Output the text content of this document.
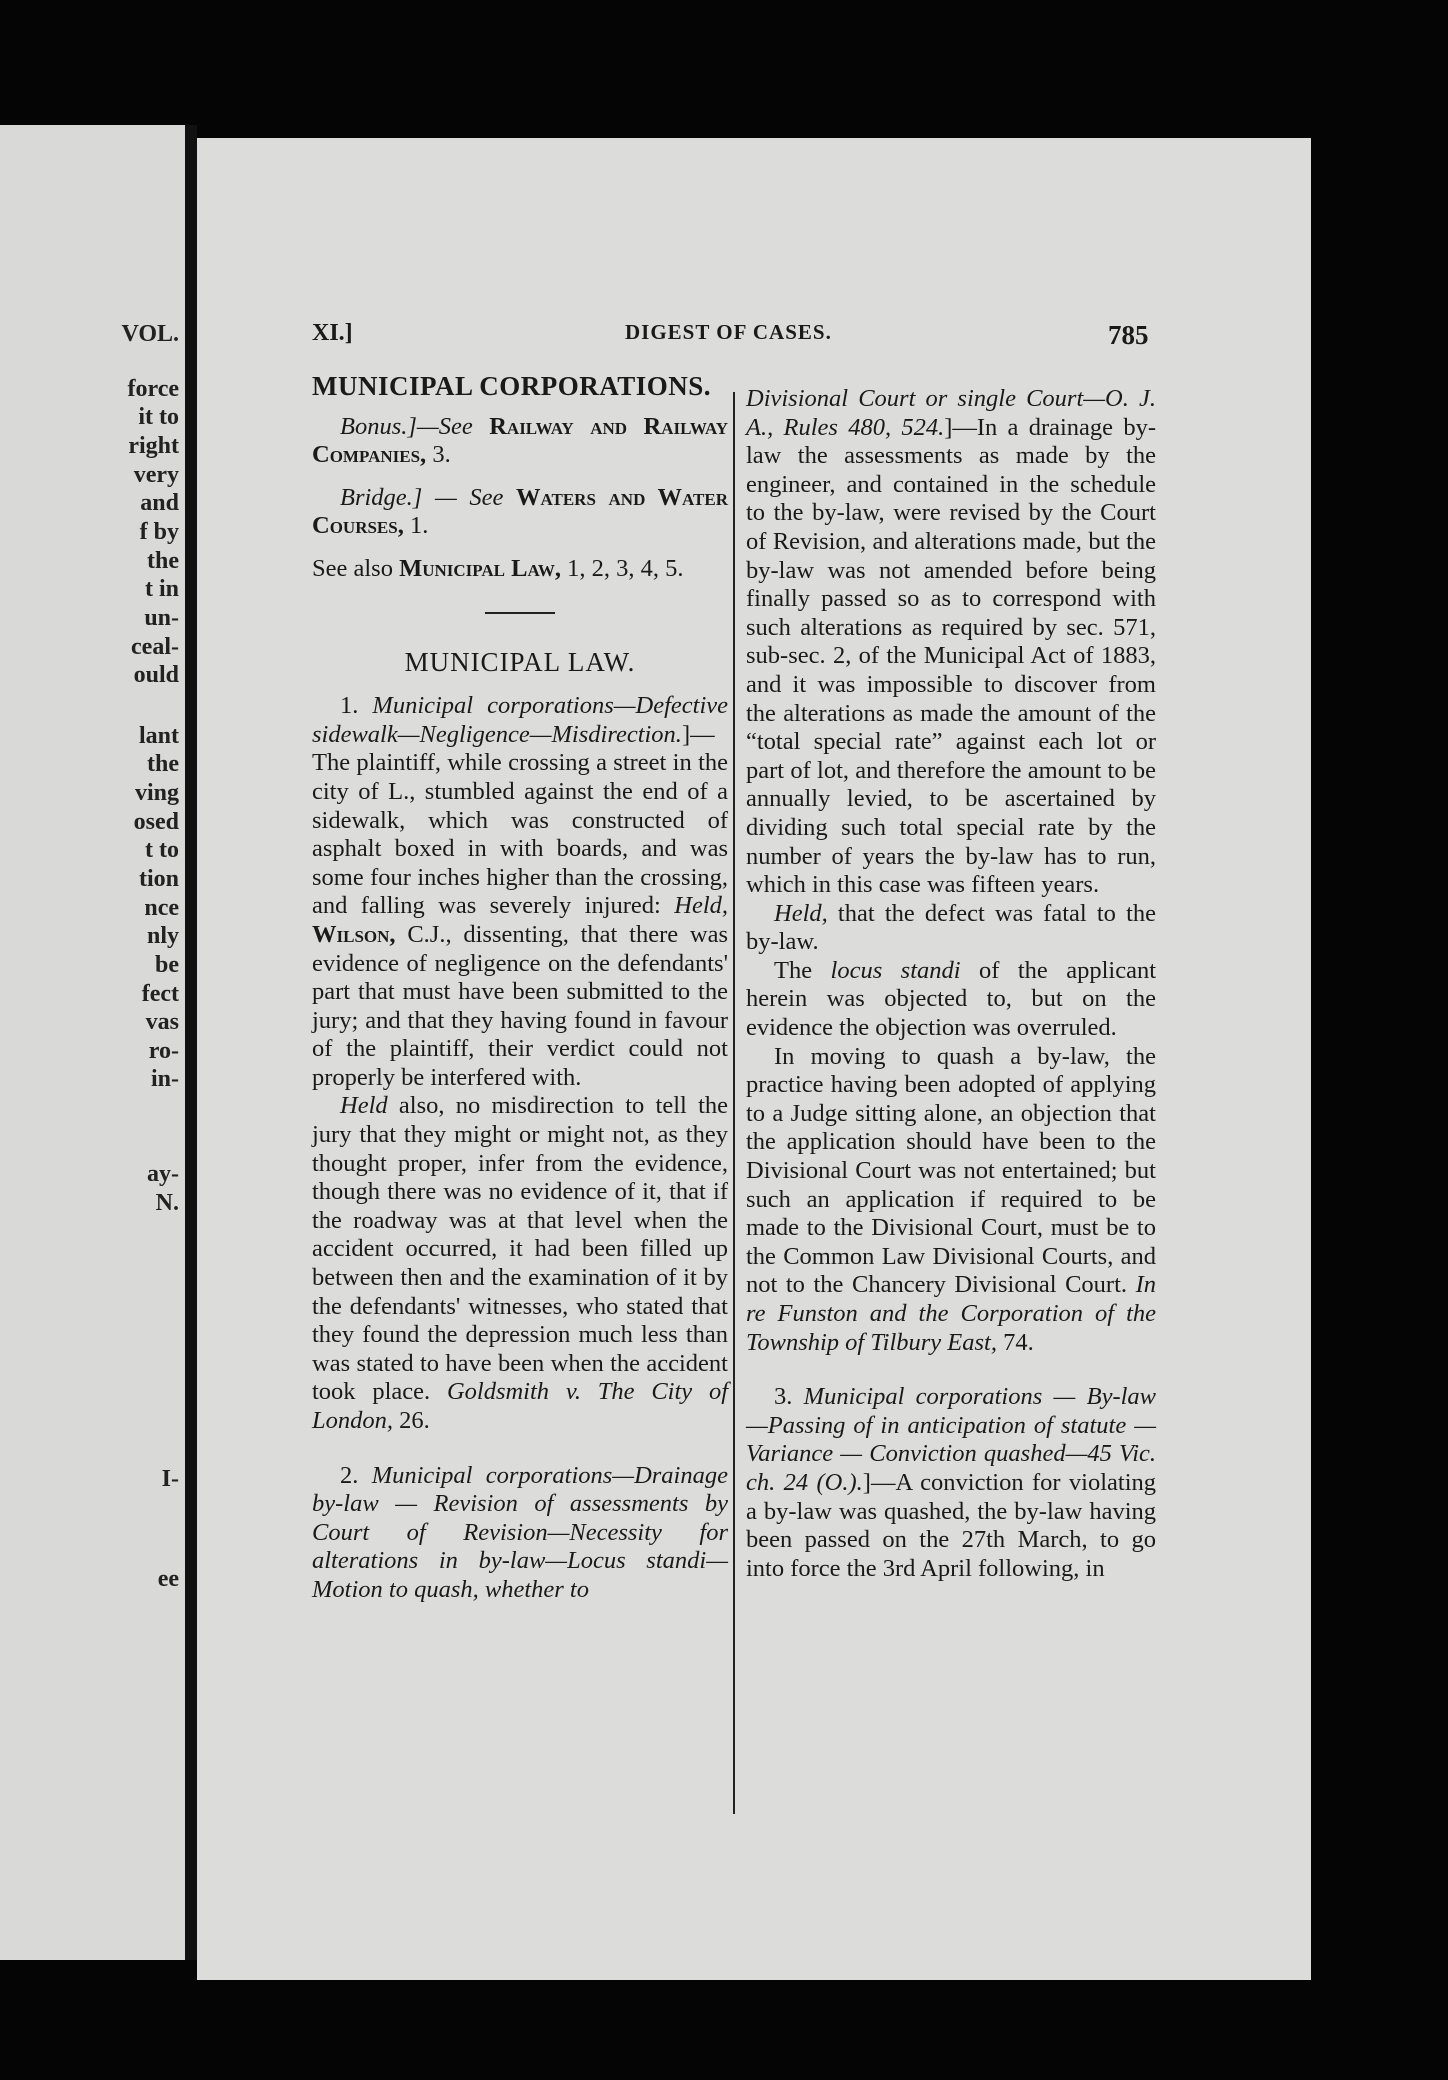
VOL.
force
it to
right
very
and
f by
the
t in
un-
ceal-
ould
lant
the
ving
osed
t to
tion
nce
nly
be
fect
vas
ro-
in-
ay-
N.
I-
ee
XI.]	DIGEST OF CASES.	785

MUNICIPAL CORPORATIONS.

Bonus.]—See Railway and Railway Companies, 3.

Bridge.] — See Waters and Water Courses, 1.

See also Municipal Law, 1, 2, 3, 4, 5.

MUNICIPAL LAW.

1. Municipal corporations—Defective sidewalk—Negligence—Misdirection.]—The plaintiff, while crossing a street in the city of L., stumbled against the end of a sidewalk, which was constructed of asphalt boxed in with boards, and was some four inches higher than the crossing, and falling was severely injured: Held, Wilson, C.J., dissenting, that there was evidence of negligence on the defendants' part that must have been submitted to the jury; and that they having found in favour of the plaintiff, their verdict could not properly be interfered with.

Held also, no misdirection to tell the jury that they might or might not, as they thought proper, infer from the evidence, though there was no evidence of it, that if the roadway was at that level when the accident occurred, it had been filled up between then and the examination of it by the defendants' witnesses, who stated that they found the depression much less than was stated to have been when the accident took place. Goldsmith v. The City of London, 26.

2. Municipal corporations—Drainage by-law — Revision of assessments by Court of Revision—Necessity for alterations in by-law—Locus standi—Motion to quash, whether to

Divisional Court or single Court—O. J. A., Rules 480, 524.]—In a drainage by-law the assessments as made by the engineer, and contained in the schedule to the by-law, were revised by the Court of Revision, and alterations made, but the by-law was not amended before being finally passed so as to correspond with such alterations as required by sec. 571, sub-sec. 2, of the Municipal Act of 1883, and it was impossible to discover from the alterations as made the amount of the “total special rate” against each lot or part of lot, and therefore the amount to be annually levied, to be ascertained by dividing such total special rate by the number of years the by-law has to run, which in this case was fifteen years.

Held, that the defect was fatal to the by-law.

The locus standi of the applicant herein was objected to, but on the evidence the objection was overruled.

In moving to quash a by-law, the practice having been adopted of applying to a Judge sitting alone, an objection that the application should have been to the Divisional Court was not entertained; but such an application if required to be made to the Divisional Court, must be to the Common Law Divisional Courts, and not to the Chancery Divisional Court. In re Funston and the Corporation of the Township of Tilbury East, 74.

3. Municipal corporations — By-law—Passing of in anticipation of statute — Variance — Conviction quashed—45 Vic. ch. 24 (O.).]—A conviction for violating a by-law was quashed, the by-law having been passed on the 27th March, to go into force the 3rd April following, in
